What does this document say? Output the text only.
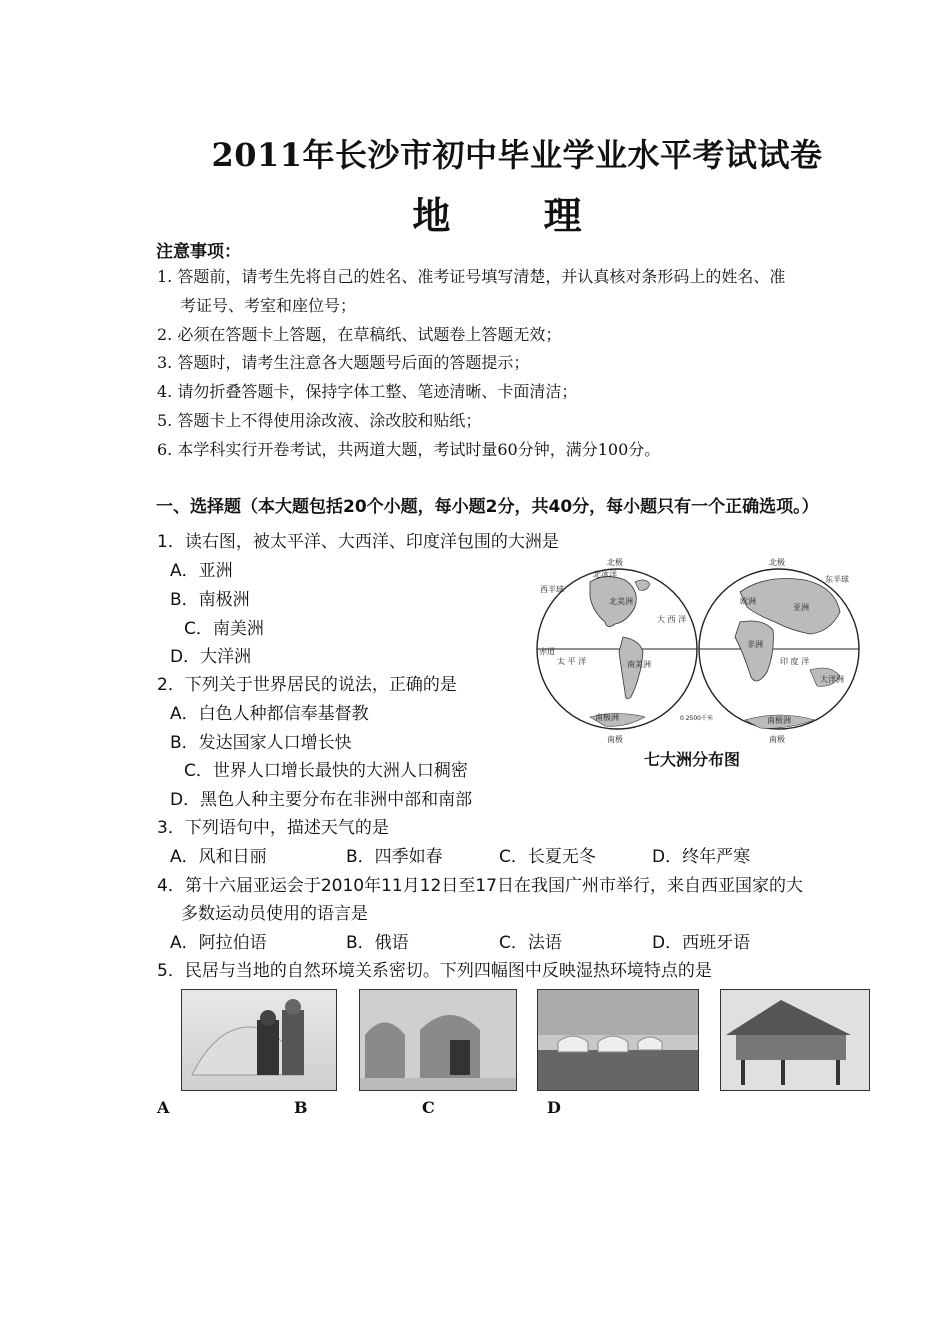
2011年长沙市初中毕业学业水平考试试卷
地 理
注意事项：
1. 答题前，请考生先将自己的姓名、准考证号填写清楚，并认真核对条形码上的姓名、准
考证号、考室和座位号；
2. 必须在答题卡上答题，在草稿纸、试题卷上答题无效；
3. 答题时，请考生注意各大题题号后面的答题提示；
4. 请勿折叠答题卡，保持字体工整、笔迹清晰、卡面清洁；
5. 答题卡上不得使用涂改液、涂改胶和贴纸；
6. 本学科实行开卷考试，共两道大题，考试时量60分钟，满分100分。
一、选择题（本大题包括20个小题，每小题2分，共40分，每小题只有一个正确选项。）
1．读右图，被太平洋、大西洋、印度洋包围的大洲是
A．亚洲
B．南极洲
C．南美洲
D．大洋洲
2．下列关于世界居民的说法，正确的是
A．白色人种都信奉基督教
B．发达国家人口增长快
C．世界人口增长最快的大洲人口稠密
D．黑色人种主要分布在非洲中部和南部
3．下列语句中，描述天气的是
A．风和日丽	B．四季如春	C．长夏无冬	D．终年严寒
4．第十六届亚运会于2010年11月12日至17日在我国广州市举行，来自西亚国家的大
多数运动员使用的语言是
A．阿拉伯语	B．俄语	C．法语	D．西班牙语
5．民居与当地的自然环境关系密切。下列四幅图中反映湿热环境特点的是
北极
西半球
北冰洋
北美洲
大 西 洋
赤道
太 平 洋	南美洲
南极洲	0 2500千米
南极
北极
东半球
欧洲
亚洲
非洲
印 度 洋
大洋洲
南极洲
南极
七大洲分布图
A	B	C	D
